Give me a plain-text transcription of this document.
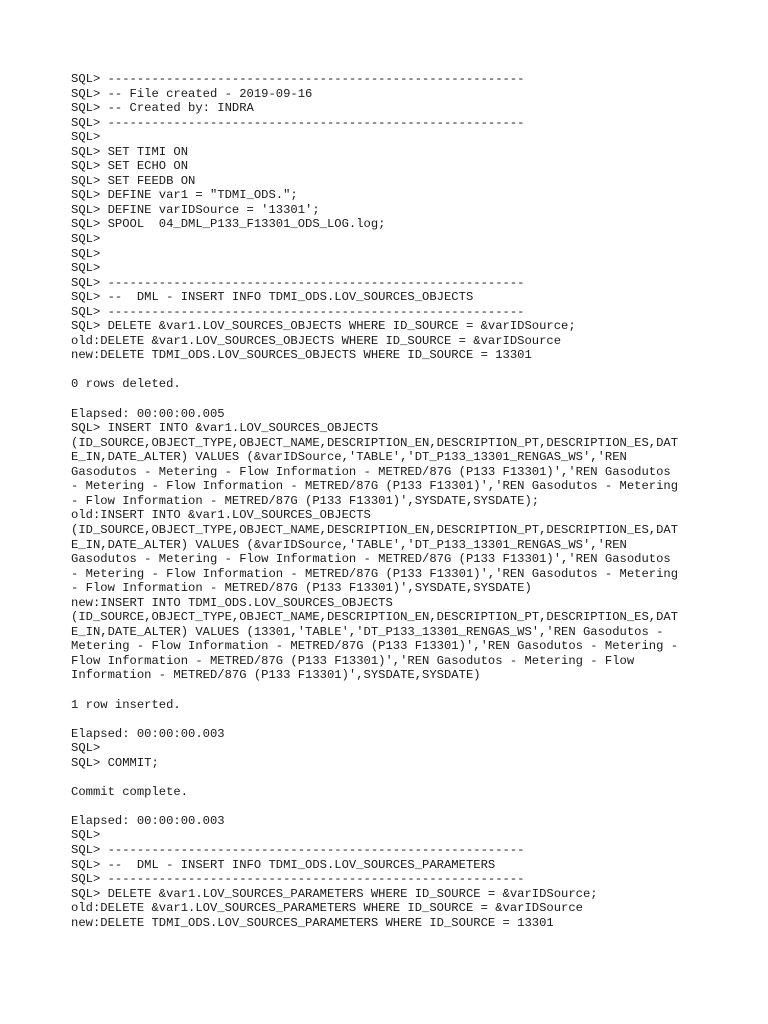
SQL> ---------------------------------------------------------
SQL> -- File created - 2019-09-16
SQL> -- Created by: INDRA
SQL> ---------------------------------------------------------
SQL>
SQL> SET TIMI ON
SQL> SET ECHO ON
SQL> SET FEEDB ON
SQL> DEFINE var1 = "TDMI_ODS.";
SQL> DEFINE varIDSource = '13301';
SQL> SPOOL  04_DML_P133_F13301_ODS_LOG.log;
SQL>
SQL>
SQL>
SQL> ---------------------------------------------------------
SQL> --  DML - INSERT INFO TDMI_ODS.LOV_SOURCES_OBJECTS
SQL> ---------------------------------------------------------
SQL> DELETE &var1.LOV_SOURCES_OBJECTS WHERE ID_SOURCE = &varIDSource;
old:DELETE &var1.LOV_SOURCES_OBJECTS WHERE ID_SOURCE = &varIDSource
new:DELETE TDMI_ODS.LOV_SOURCES_OBJECTS WHERE ID_SOURCE = 13301
0 rows deleted.
Elapsed: 00:00:00.005
SQL> INSERT INTO &var1.LOV_SOURCES_OBJECTS
(ID_SOURCE,OBJECT_TYPE,OBJECT_NAME,DESCRIPTION_EN,DESCRIPTION_PT,DESCRIPTION_ES,DAT
E_IN,DATE_ALTER) VALUES (&varIDSource,'TABLE','DT_P133_13301_RENGAS_WS','REN
Gasodutos - Metering - Flow Information - METRED/87G (P133 F13301)','REN Gasodutos
- Metering - Flow Information - METRED/87G (P133 F13301)','REN Gasodutos - Metering
- Flow Information - METRED/87G (P133 F13301)',SYSDATE,SYSDATE);
old:INSERT INTO &var1.LOV_SOURCES_OBJECTS
(ID_SOURCE,OBJECT_TYPE,OBJECT_NAME,DESCRIPTION_EN,DESCRIPTION_PT,DESCRIPTION_ES,DAT
E_IN,DATE_ALTER) VALUES (&varIDSource,'TABLE','DT_P133_13301_RENGAS_WS','REN
Gasodutos - Metering - Flow Information - METRED/87G (P133 F13301)','REN Gasodutos
- Metering - Flow Information - METRED/87G (P133 F13301)','REN Gasodutos - Metering
- Flow Information - METRED/87G (P133 F13301)',SYSDATE,SYSDATE)
new:INSERT INTO TDMI_ODS.LOV_SOURCES_OBJECTS
(ID_SOURCE,OBJECT_TYPE,OBJECT_NAME,DESCRIPTION_EN,DESCRIPTION_PT,DESCRIPTION_ES,DAT
E_IN,DATE_ALTER) VALUES (13301,'TABLE','DT_P133_13301_RENGAS_WS','REN Gasodutos -
Metering - Flow Information - METRED/87G (P133 F13301)','REN Gasodutos - Metering -
Flow Information - METRED/87G (P133 F13301)','REN Gasodutos - Metering - Flow
Information - METRED/87G (P133 F13301)',SYSDATE,SYSDATE)
1 row inserted.
Elapsed: 00:00:00.003
SQL>
SQL> COMMIT;
Commit complete.
Elapsed: 00:00:00.003
SQL>
SQL> ---------------------------------------------------------
SQL> --  DML - INSERT INFO TDMI_ODS.LOV_SOURCES_PARAMETERS
SQL> ---------------------------------------------------------
SQL> DELETE &var1.LOV_SOURCES_PARAMETERS WHERE ID_SOURCE = &varIDSource;
old:DELETE &var1.LOV_SOURCES_PARAMETERS WHERE ID_SOURCE = &varIDSource
new:DELETE TDMI_ODS.LOV_SOURCES_PARAMETERS WHERE ID_SOURCE = 13301
